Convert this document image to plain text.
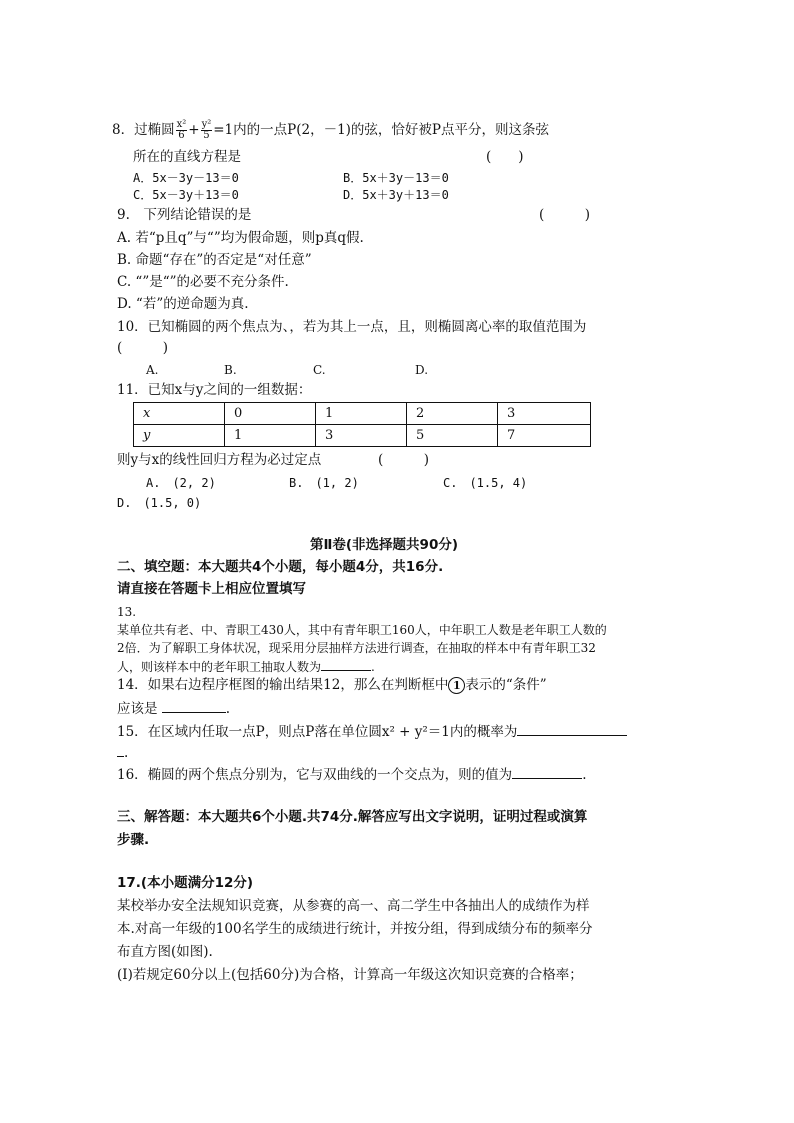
8．过椭圆 $\frac{\text{x²}}{6} + \frac{\text{y²}}{5} =1$内的一点P(2，－1)的弦，恰好被P点平分，则这条弦
所在的直线方程是	(　　)
A．5x－3y－13＝0	B．5x＋3y－13＝0
C．5x－3y＋13＝0	D．5x＋3y＋13＝0
9.　下列结论错误的是	(　　　)
A. 若“p且q”与“”均为假命题，则p真q假.
B. 命题“存在”的否定是“对任意”
C. “”是“”的必要不充分条件.
D. “若”的逆命题为真.
10．已知椭圆的两个焦点为、，若为其上一点，且，则椭圆离心率的取值范围为
(　　　)
A.	B.	C.	D.
11．已知x与y之间的一组数据：
x	0	1	2	3
y	1	3	5	7
则y与x的线性回归方程为必过定点	(　　　)
A.　(2, 2)	B.　(1, 2)	C.　(1.5, 4)
D.　(1.5, 0)
第Ⅱ卷(非选择题共90分)
二、填空题：本大题共4个小题，每小题4分，共16分.
请直接在答题卡上相应位置填写
13.
某单位共有老、中、青职工430人，其中有青年职工160人，中年职工人数是老年职工人数的
2倍．为了解职工身体状况，现采用分层抽样方法进行调查，在抽取的样本中有青年职工32
人，则该样本中的老年职工抽取人数为	.
14．如果右边程序框图的输出结果12，那么在判断框中 1 表示的“条件”
应该是	.
15．在区域内任取一点P，则点P落在单位圆x² + y²＝1内的概率为
.
16．椭圆的两个焦点分别为，它与双曲线的一个交点为，则的值为	.
三、解答题：本大题共6个小题.共74分.解答应写出文字说明，证明过程或演算
步骤.
17.(本小题满分12分)
某校举办安全法规知识竞赛，从参赛的高一、高二学生中各抽出人的成绩作为样
本.对高一年级的100名学生的成绩进行统计，并按分组，得到成绩分布的频率分
布直方图(如图).
(Ⅰ)若规定60分以上(包括60分)为合格，计算高一年级这次知识竞赛的合格率；
